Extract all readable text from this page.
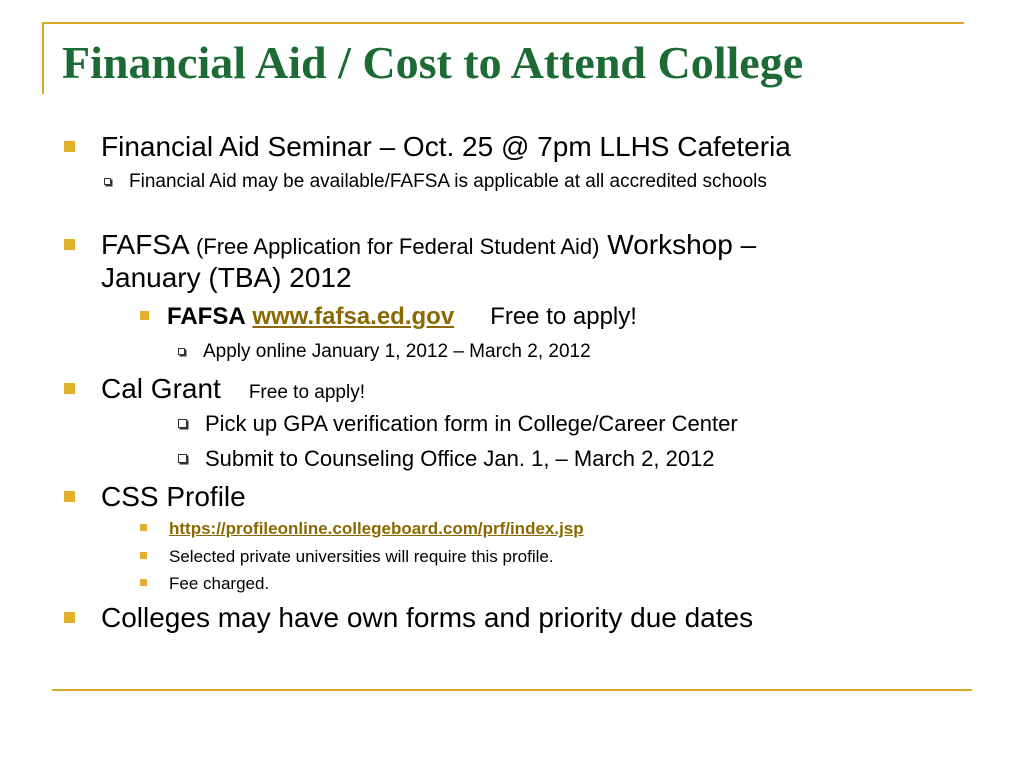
Financial Aid / Cost to Attend College
Financial Aid Seminar – Oct. 25 @ 7pm LLHS Cafeteria
Financial Aid may be available/FAFSA is applicable at all accredited schools
FAFSA (Free Application for Federal Student Aid) Workshop –
January (TBA) 2012
FAFSA www.fafsa.ed.gov Free to apply!
Apply online January 1, 2012 – March 2, 2012
Cal Grant Free to apply!
Pick up GPA verification form in College/Career Center
Submit to Counseling Office Jan. 1, – March 2, 2012
CSS Profile
https://profileonline.collegeboard.com/prf/index.jsp
Selected private universities will require this profile.
Fee charged.
Colleges may have own forms and priority due dates
